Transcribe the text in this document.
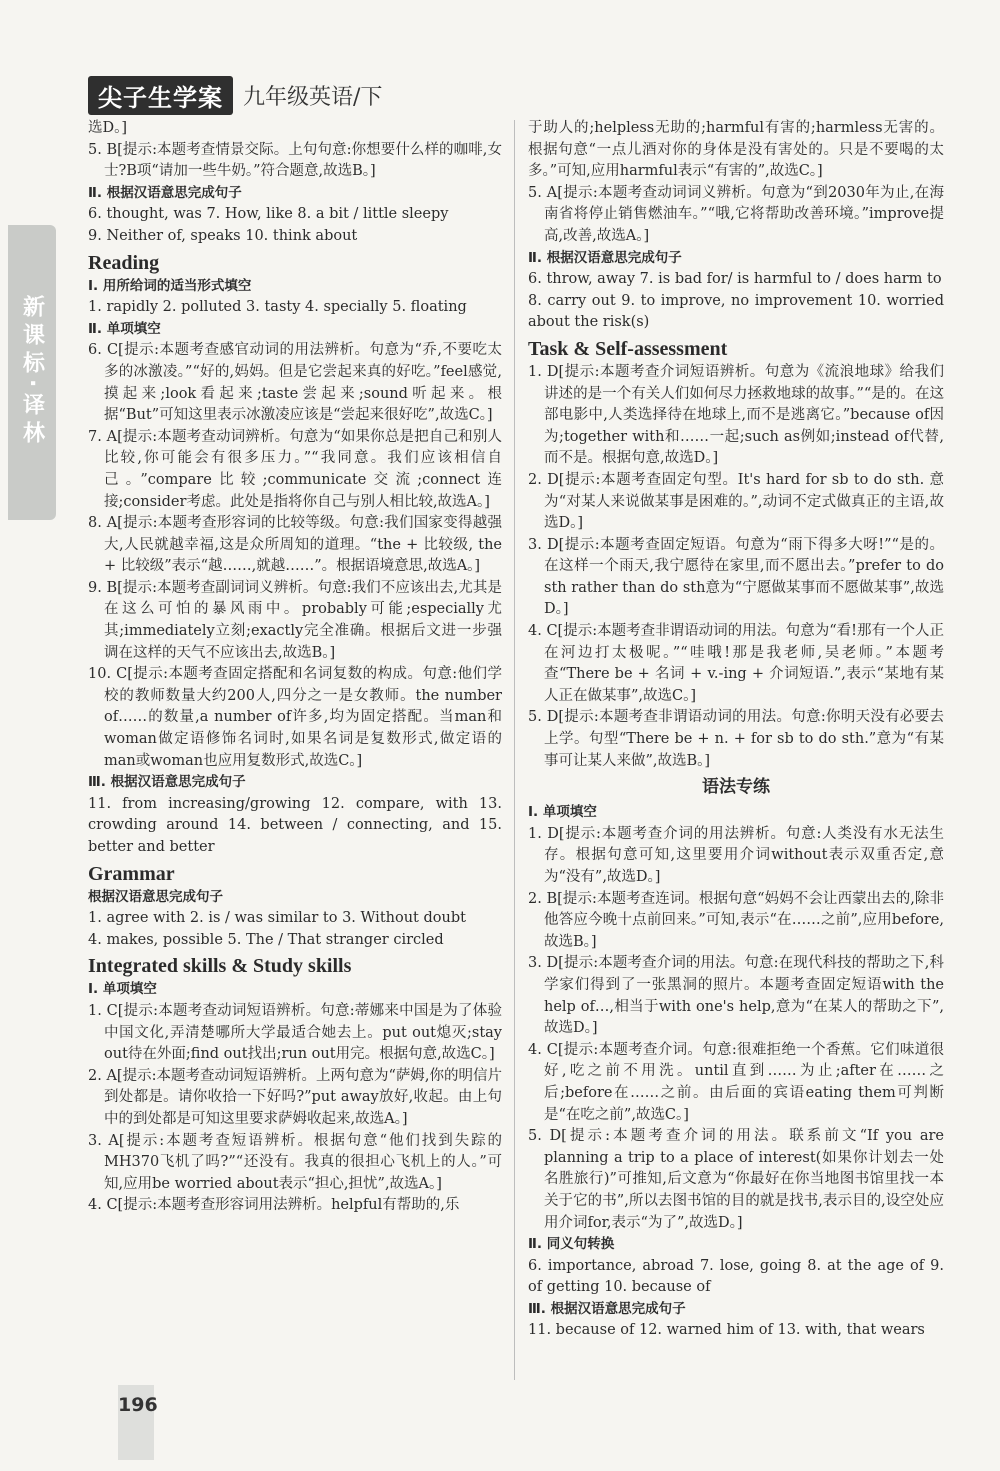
尖子生学案 九年级英语/下
新课标·译林

选D。]

5. B[提示:本题考查情景交际。上句句意:你想要什么样的咖啡,女士?B项“请加一些牛奶。”符合题意,故选B。]

Ⅱ. 根据汉语意思完成句子

6. thought, was 7. How, like 8. a bit / little sleepy

9. Neither of, speaks 10. think about

Reading

Ⅰ. 用所给词的适当形式填空

1. rapidly 2. polluted 3. tasty 4. specially 5. floating

Ⅱ. 单项填空

6. C[提示:本题考查感官动词的用法辨析。句意为“乔,不要吃太多的冰激凌。”“好的,妈妈。但是它尝起来真的好吃。”feel感觉,摸起来;look看起来;taste尝起来;sound听起来。根据“But”可知这里表示冰激凌应该是“尝起来很好吃”,故选C。]

7. A[提示:本题考查动词辨析。句意为“如果你总是把自己和别人比较,你可能会有很多压力。”“我同意。我们应该相信自己。”compare比较;communicate交流;connect连接;consider考虑。此处是指将你自己与别人相比较,故选A。]

8. A[提示:本题考查形容词的比较等级。句意:我们国家变得越强大,人民就越幸福,这是众所周知的道理。“the + 比较级, the + 比较级”表示“越……,就越……”。根据语境意思,故选A。]

9. B[提示:本题考查副词词义辨析。句意:我们不应该出去,尤其是在这么可怕的暴风雨中。probably可能;especially尤其;immediately立刻;exactly完全准确。根据后文进一步强调在这样的天气不应该出去,故选B。]

10. C[提示:本题考查固定搭配和名词复数的构成。句意:他们学校的教师数量大约200人,四分之一是女教师。the number of……的数量,a number of许多,均为固定搭配。当man和woman做定语修饰名词时,如果名词是复数形式,做定语的man或woman也应用复数形式,故选C。]

Ⅲ. 根据汉语意思完成句子

11. from increasing/growing 12. compare, with 13. crowding around 14. between / connecting, and 15. better and better

Grammar

根据汉语意思完成句子

1. agree with 2. is / was similar to 3. Without doubt

4. makes, possible 5. The / That stranger circled

Integrated skills & Study skills

Ⅰ. 单项填空

1. C[提示:本题考查动词短语辨析。句意:蒂娜来中国是为了体验中国文化,弄清楚哪所大学最适合她去上。put out熄灭;stay out待在外面;find out找出;run out用完。根据句意,故选C。]

2. A[提示:本题考查动词短语辨析。上两句意为“萨姆,你的明信片到处都是。请你收拾一下好吗?”put away放好,收起。由上句中的到处都是可知这里要求萨姆收起来,故选A。]

3. A[提示:本题考查短语辨析。根据句意“他们找到失踪的MH370飞机了吗?”“还没有。我真的很担心飞机上的人。”可知,应用be worried about表示“担心,担忧”,故选A。]

4. C[提示:本题考查形容词用法辨析。helpful有帮助的,乐

于助人的;helpless无助的;harmful有害的;harmless无害的。根据句意“一点儿酒对你的身体是没有害处的。只是不要喝的太多。”可知,应用harmful表示“有害的”,故选C。]

5. A[提示:本题考查动词词义辨析。句意为“到2030年为止,在海南省将停止销售燃油车。”“哦,它将帮助改善环境。”improve提高,改善,故选A。]

Ⅱ. 根据汉语意思完成句子

6. throw, away 7. is bad for/ is harmful to / does harm to

8. carry out 9. to improve, no improvement 10. worried about the risk(s)

Task & Self-assessment

1. D[提示:本题考查介词短语辨析。句意为《流浪地球》给我们讲述的是一个有关人们如何尽力拯救地球的故事。”“是的。在这部电影中,人类选择待在地球上,而不是逃离它。”because of因为;together with和……一起;such as例如;instead of代替,而不是。根据句意,故选D。]

2. D[提示:本题考查固定句型。It's hard for sb to do sth. 意为“对某人来说做某事是困难的。”,动词不定式做真正的主语,故选D。]

3. D[提示:本题考查固定短语。句意为“雨下得多大呀!”“是的。在这样一个雨天,我宁愿待在家里,而不愿出去。”prefer to do sth rather than do sth意为“宁愿做某事而不愿做某事”,故选D。]

4. C[提示:本题考查非谓语动词的用法。句意为“看!那有一个人正在河边打太极呢。”“哇哦!那是我老师,吴老师。”本题考查“There be + 名词 + v.-ing + 介词短语.”,表示“某地有某人正在做某事”,故选C。]

5. D[提示:本题考查非谓语动词的用法。句意:你明天没有必要去上学。句型“There be + n. + for sb to do sth.”意为“有某事可让某人来做”,故选B。]

语法专练

Ⅰ. 单项填空

1. D[提示:本题考查介词的用法辨析。句意:人类没有水无法生存。根据句意可知,这里要用介词without表示双重否定,意为“没有”,故选D。]

2. B[提示:本题考查连词。根据句意“妈妈不会让西蒙出去的,除非他答应今晚十点前回来。”可知,表示“在……之前”,应用before,故选B。]

3. D[提示:本题考查介词的用法。句意:在现代科技的帮助之下,科学家们得到了一张黑洞的照片。本题考查固定短语with the help of…,相当于with one's help,意为“在某人的帮助之下”,故选D。]

4. C[提示:本题考查介词。句意:很难拒绝一个香蕉。它们味道很好,吃之前不用洗。until直到……为止;after在……之后;before在……之前。由后面的宾语eating them可判断是“在吃之前”,故选C。]

5. D[提示:本题考查介词的用法。联系前文“If you are planning a trip to a place of interest(如果你计划去一处名胜旅行)”可推知,后文意为“你最好在你当地图书馆里找一本关于它的书”,所以去图书馆的目的就是找书,表示目的,设空处应用介词for,表示“为了”,故选D。]

Ⅱ. 同义句转换

6. importance, abroad 7. lose, going 8. at the age of 9. of getting 10. because of

Ⅲ. 根据汉语意思完成句子

11. because of 12. warned him of 13. with, that wears

196
